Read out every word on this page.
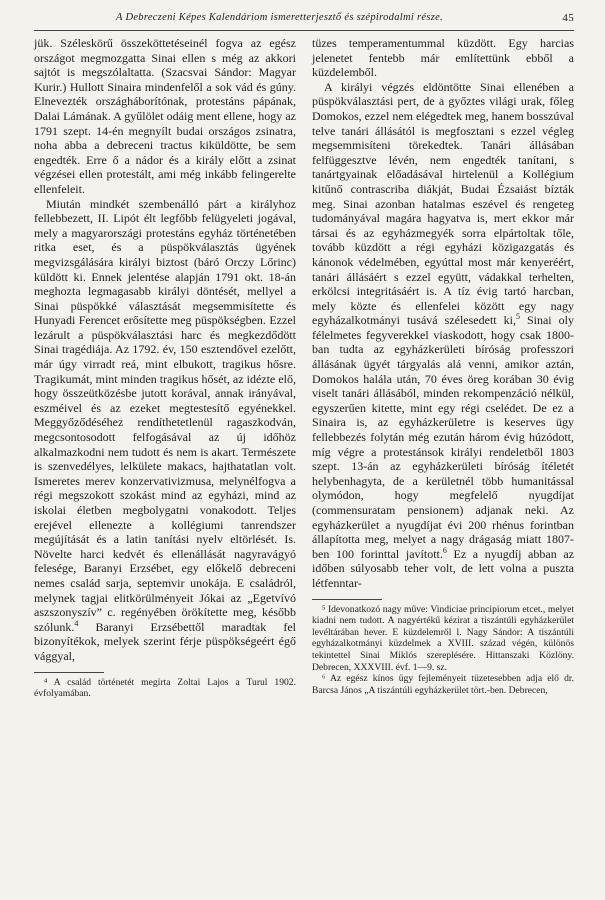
A Debreczeni Képes Kalendáriom ismeretterjesztő és szépirodalmi része.	45

jük. Széleskörű összeköttetéseinél fogva az egész országot megmozgatta Sinai ellen s még az akkori sajtót is megszólaltatta. (Szacsvai Sándor: Magyar Kurir.) Hullott Sinaira mindenfelől a sok vád és gúny. Elnevezték országháborítónak, protestáns pápának, Dalai Lámának. A gyűlölet odáig ment ellene, hogy az 1791 szept. 14-én megnyílt budai országos zsinatra, noha abba a debreceni tractus kiküldötte, be sem engedték. Erre ő a nádor és a király előtt a zsinat végzései ellen protestált, ami még inkább felingerelte ellenfeleit.

Miután mindkét szembenálló párt a királyhoz fellebbezett, II. Lipót élt legfőbb felügyeleti jogával, mely a magyarországi protestáns egyház történetében ritka eset, és a püspökválasztás ügyének megvizsgálására királyi biztost (báró Orczy Lőrinc) küldött ki. Ennek jelentése alapján 1791 okt. 18-án meghozta legmagasabb királyi döntését, mellyel a Sinai püspökké választását megsemmisítette és Hunyadi Ferencet erősítette meg püspökségben. Ezzel lezárult a püspökválasztási harc és megkezdődött Sinai tragédiája. Az 1792. év, 150 esztendővel ezelőtt, már úgy virradt reá, mint elbukott, tragikus hősre. Tragikumát, mint minden tragikus hősét, az idézte elő, hogy összeütközésbe jutott korával, annak irányával, eszméivel és az ezeket megtestesítő egyénekkel. Meggyőződéséhez rendíthetetlenül ragaszkodván, megcsontosodott felfogásával az új időhöz alkalmazkodni nem tudott és nem is akart. Természete is szenvedélyes, lelkülete makacs, hajthatatlan volt. Ismeretes merev konzervativizmusa, melynélfogva a régi megszokott szokást mind az egyházi, mind az iskolai életben megbolygatni vonakodott. Teljes erejével ellenezte a kollégiumi tanrendszer megújítását és a latin tanítási nyelv eltörlését. Is. Növelte harci kedvét és ellenállását nagyravágyó felesége, Baranyi Erzsébet, egy előkelő debreceni nemes család sarja, septemvir unokája. E családról, melynek tagjai elitkörülményeit Jókai az „Egetvívó aszszonyszív” c. regényében örökítette meg, később szólunk.$^4$ Baranyi Erzsébettől maradtak fel bizonyítékok, melyek szerint férje püspökségeért égő vággyal,

⁴ A család történetét megírta Zoltai Lajos a Turul 1902. évfolyamában.

tüzes temperamentummal küzdött. Egy harcias jelenetet fentebb már említettünk ebből a küzdelemből.

A királyi végzés eldöntötte Sinai ellenében a püspökválasztási pert, de a győztes világi urak, főleg Domokos, ezzel nem elégedtek meg, hanem bosszúval telve tanári állásától is megfosztani s ezzel végleg megsemmisíteni törekedtek. Tanári állásában felfüggesztve lévén, nem engedték tanítani, s tanártgyainak előadásával hirtelenül a Kollégium kitűnő contrascriba diákját, Budai Ézsaiást bízták meg. Sinai azonban hatalmas eszével és rengeteg tudományával magára hagyatva is, mert ekkor már társai és az egyházmegyék sorra elpártoltak tőle, tovább küzdött a régi egyházi közigazgatás és kánonok védelmében, egyúttal most már kenyeréért, tanári állásáért s ezzel együtt, vádakkal terhelten, erkölcsi integritásáért is. A tíz évig tartó harcban, mely közte és ellenfelei között egy nagy egyházalkotmányi tusává szélesedett ki,$^5$ Sinai oly félelmetes fegyverekkel viaskodott, hogy csak 1800-ban tudta az egyházkerületi bíróság professzori állásának ügyét tárgyalás alá venni, amikor aztán, Domokos halála után, 70 éves öreg korában 30 évig viselt tanári állásából, minden rekompenzáció nélkül, egyszerűen kitette, mint egy régi cselédet. De ez a Sinaira is, az egyházkerületre is keserves ügy fellebbezés folytán még ezután három évig húzódott, míg végre a protestánsok királyi rendeletből 1803 szept. 13-án az egyházkerületi bíróság ítéletét helybenhagyta, de a kerületnél több humanitással olymódon, hogy megfelelő nyugdíjat (commensuratam pensionem) adjanak neki. Az egyházkerület a nyugdíjat évi 200 rhénus forintban állapította meg, melyet a nagy drágaság miatt 1807-ben 100 forinttal javított.$^6$ Ez a nyugdíj abban az időben súlyosabb teher volt, de lett volna a puszta létfenntar-

⁵ Idevonatkozó nagy műve: Vindiciae principiorum etcet., melyet kiadni nem tudott. A nagyértékű kézirat a tiszántúli egyházkerület levéltárában hever. E küzdelemről l. Nagy Sándor: A tiszántúli egyházalkotmányi küzdelmek a XVIII. század végén, különös tekintettel Sinai Miklós szereplésére. Hittanszaki Közlöny. Debrecen, XXXVIII. évf. 1—9. sz.

⁶ Az egész kínos ügy fejleményeit tüzetesebben adja elő dr. Barcsa János „A tiszántúli egyházkerület tört.-ben. Debrecen,
